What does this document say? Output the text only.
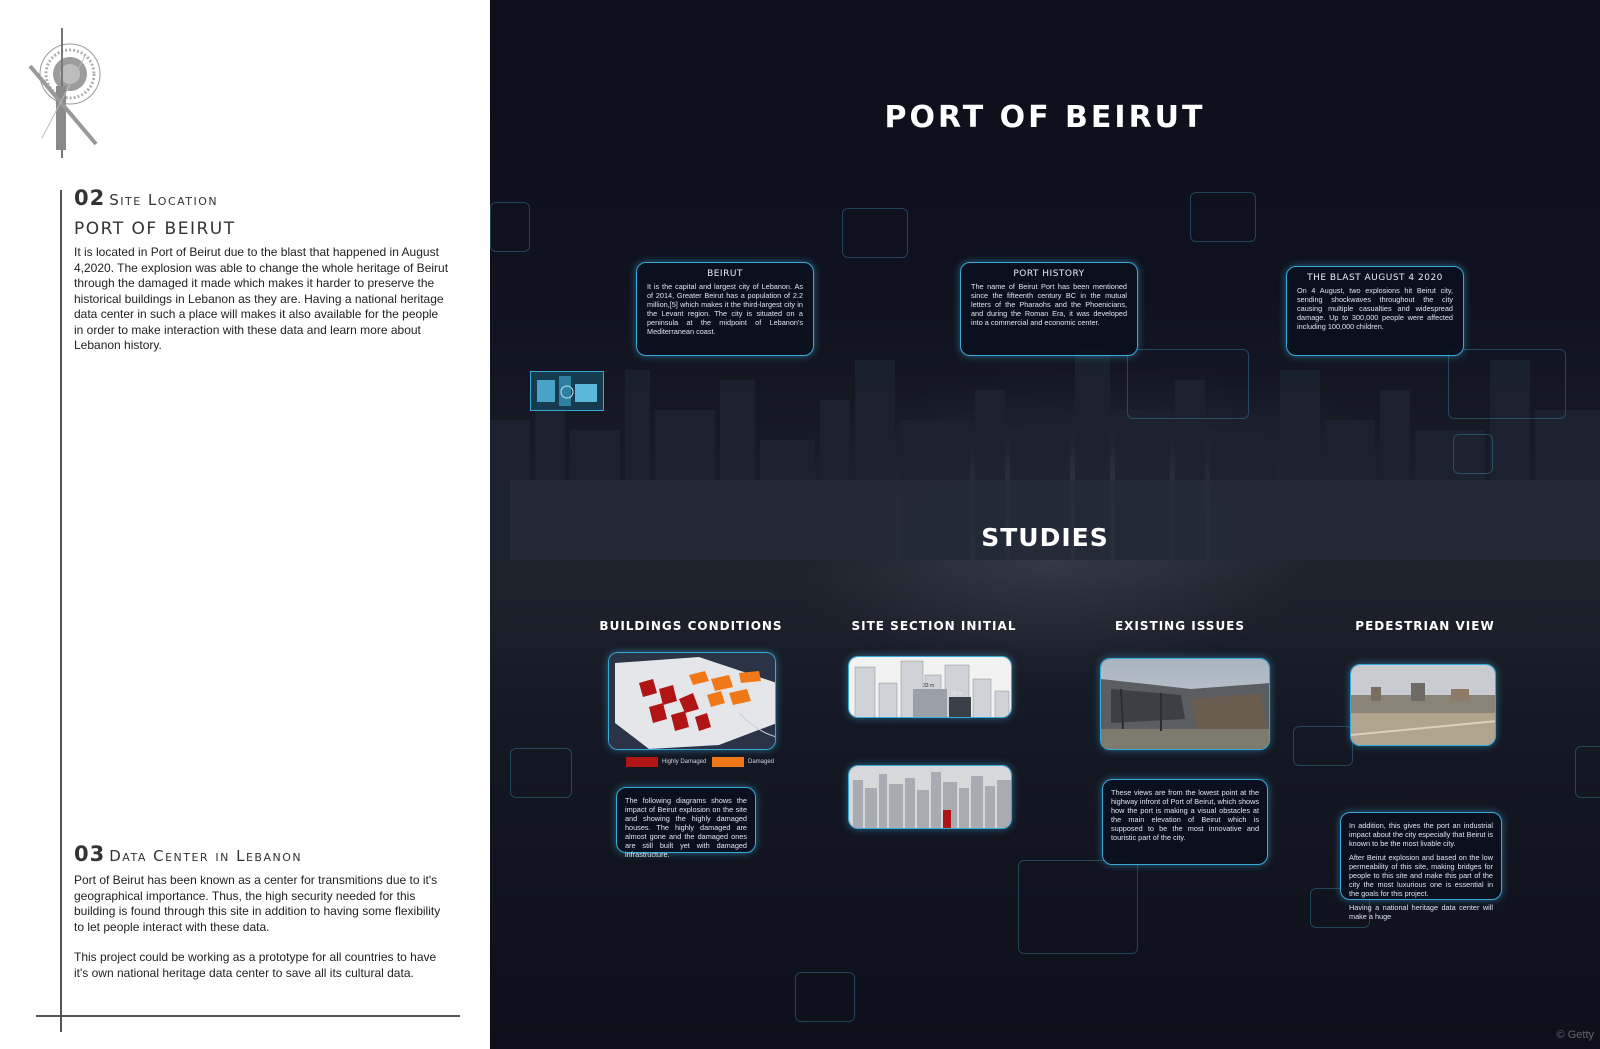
02 Site Location
PORT OF BEIRUT
It is located in Port of Beirut due to the blast that happened in August 4,2020. The explosion was able to change the whole heritage of Beirut through the damaged it made which makes it harder to preserve the historical buildings in Lebanon as they are. Having a national heritage data center in such a place will makes it also available for the people in order to make interaction with these data and learn more about Lebanon history.
03 Data Center in Lebanon
Port of Beirut has been known as a center for transmitions due to it's geographical importance. Thus, the high security needed for this building is found through this site in addition to having some flexibility to let people interact with these data.
This project could be working as a prototype for all countries to have it's own national heritage data center to save all its cultural data.
PORT OF BEIRUT
BEIRUT

It is the capital and largest city of Lebanon. As of 2014, Greater Beirut has a population of 2.2 million,[5] which makes it the third-largest city in the Levant region. The city is situated on a peninsula at the midpoint of Lebanon's Mediterranean coast.

PORT HISTORY

The name of Beirut Port has been mentioned since the fifteenth century BC in the mutual letters of the Pharaohs and the Phoenicians, and during the Roman Era, it was developed into a commercial and economic center.

THE BLAST AUGUST 4 2020

On 4 August, two explosions hit Beirut city, sending shockwaves throughout the city causing multiple casualties and widespread damage. Up to 300,000 people were affected including 100,000 children.

STUDIES
BUILDINGS CONDITIONS	SITE SECTION INITIAL	EXISTING ISSUES	PEDESTRIAN VIEW
Highly Damaged	Damaged

The following diagrams shows the impact of Beirut explosion on the site and showing the highly damaged houses. The highly damaged are almost gone and the damaged ones are still built yet with damaged infrastructure.

33 m
33 m

These views are from the lowest point at the highway infront of Port of Beirut, which shows how the port is making a visual obstacles at the main elevation of Beirut which is supposed to be the most innovative and touristic part of the city.

In addition, this gives the port an industrial impact about the city especially that Beirut is known to be the most livable city.

After Beirut explosion and based on the low permeability of this site, making bridges for people to this site and make this part of the city the most luxurious one is essential in the goals for this project.

Having a national heritage data center will make a huge

© Getty
